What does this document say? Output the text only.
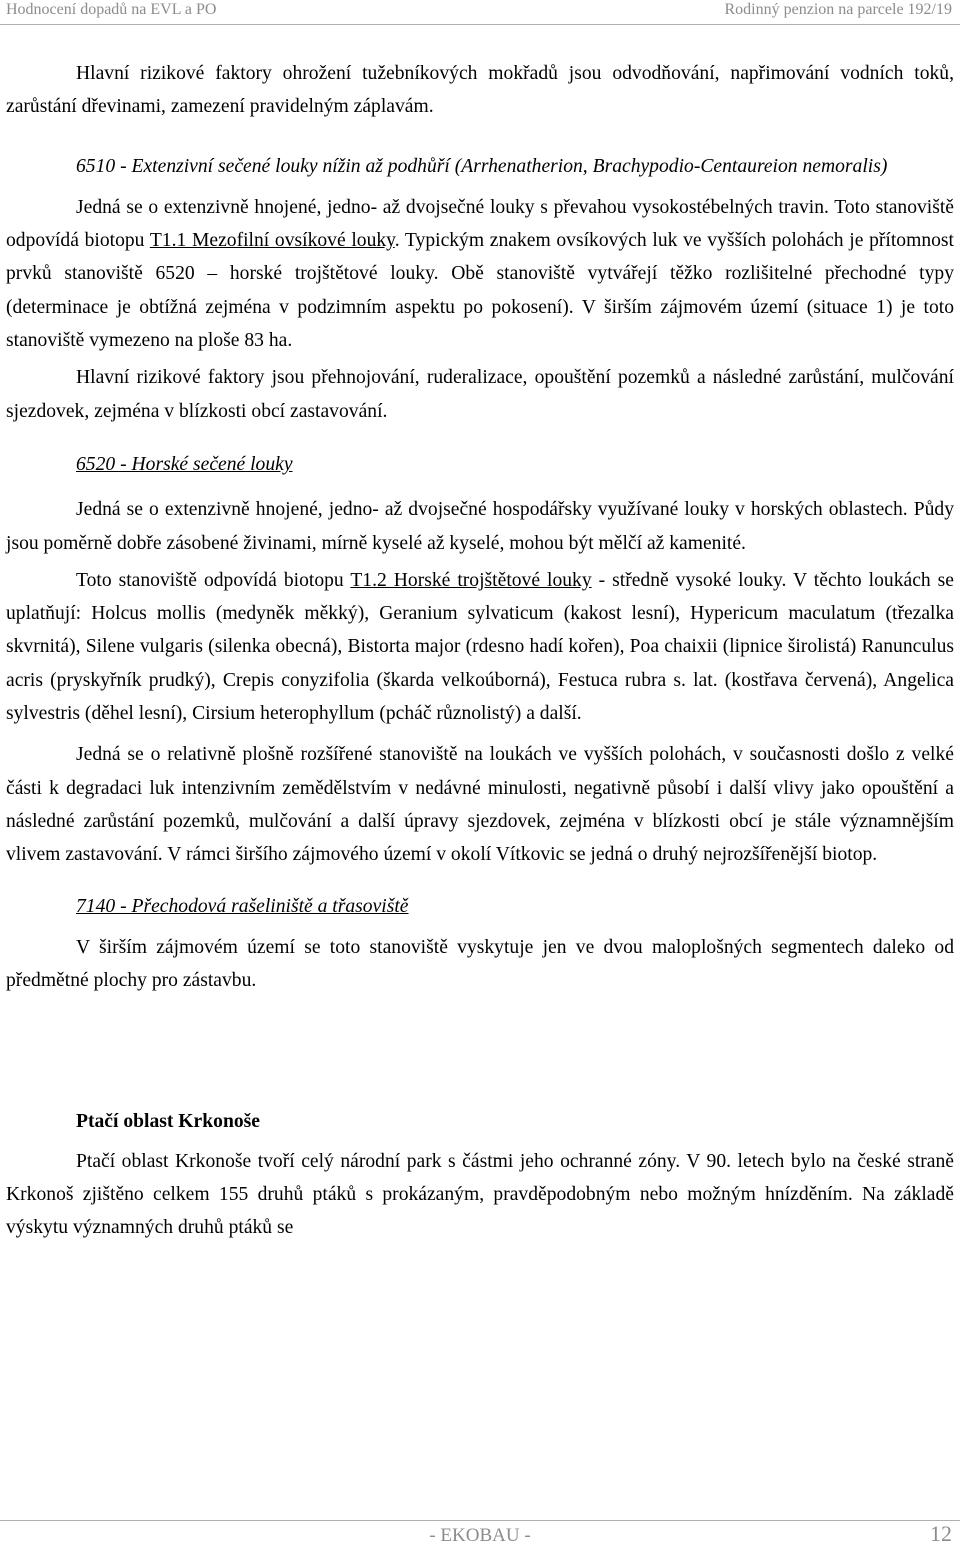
Hodnocení dopadů na EVL a PO	Rodinný penzion na parcele 192/19

Hlavní rizikové faktory ohrožení tužebníkových mokřadů jsou odvodňování, napřimování vodních toků, zarůstání dřevinami, zamezení pravidelným záplavám.

6510 - Extenzivní sečené louky nížin až podhůří (Arrhenatherion, Brachypodio-Centaureion nemoralis)

Jedná se o extenzivně hnojené, jedno- až dvojsečné louky s převahou vysokostébelných travin. Toto stanoviště odpovídá biotopu T1.1 Mezofilní ovsíkové louky. Typickým znakem ovsíkových luk ve vyšších polohách je přítomnost prvků stanoviště 6520 – horské trojštětové louky. Obě stanoviště vytvářejí těžko rozlišitelné přechodné typy (determinace je obtížná zejména v podzimním aspektu po pokosení). V širším zájmovém území (situace 1) je toto stanoviště vymezeno na ploše 83 ha.

Hlavní rizikové faktory jsou přehnojování, ruderalizace, opouštění pozemků a následné zarůstání, mulčování sjezdovek, zejména v blízkosti obcí zastavování.

6520 - Horské sečené louky

Jedná se o extenzivně hnojené, jedno- až dvojsečné hospodářsky využívané louky v horských oblastech. Půdy jsou poměrně dobře zásobené živinami, mírně kyselé až kyselé, mohou být mělčí až kamenité.

Toto stanoviště odpovídá biotopu T1.2 Horské trojštětové louky - středně vysoké louky. V těchto loukách se uplatňují: Holcus mollis (medyněk měkký), Geranium sylvaticum (kakost lesní), Hypericum maculatum (třezalka skvrnitá), Silene vulgaris (silenka obecná), Bistorta major (rdesno hadí kořen), Poa chaixii (lipnice širolistá) Ranunculus acris (pryskyřník prudký), Crepis conyzifolia (škarda velkoúborná), Festuca rubra s. lat. (kostřava červená), Angelica sylvestris (děhel lesní), Cirsium heterophyllum (pcháč různolistý) a další.

Jedná se o relativně plošně rozšířené stanoviště na loukách ve vyšších polohách, v současnosti došlo z velké části k degradaci luk intenzivním zemědělstvím v nedávné minulosti, negativně působí i další vlivy jako opouštění a následné zarůstání pozemků, mulčování a další úpravy sjezdovek, zejména v blízkosti obcí je stále významnějším vlivem zastavování. V rámci širšího zájmového území v okolí Vítkovic se jedná o druhý nejrozšířenější biotop.

7140 - Přechodová rašeliniště a třasoviště

V širším zájmovém území se toto stanoviště vyskytuje jen ve dvou maloplošných segmentech daleko od předmětné plochy pro zástavbu.

Ptačí oblast Krkonoše

Ptačí oblast Krkonoše tvoří celý národní park s částmi jeho ochranné zóny. V 90. letech bylo na české straně Krkonoš zjištěno celkem 155 druhů ptáků s prokázaným, pravděpodobným nebo možným hnízděním. Na základě výskytu významných druhů ptáků se

- EKOBAU -	12
